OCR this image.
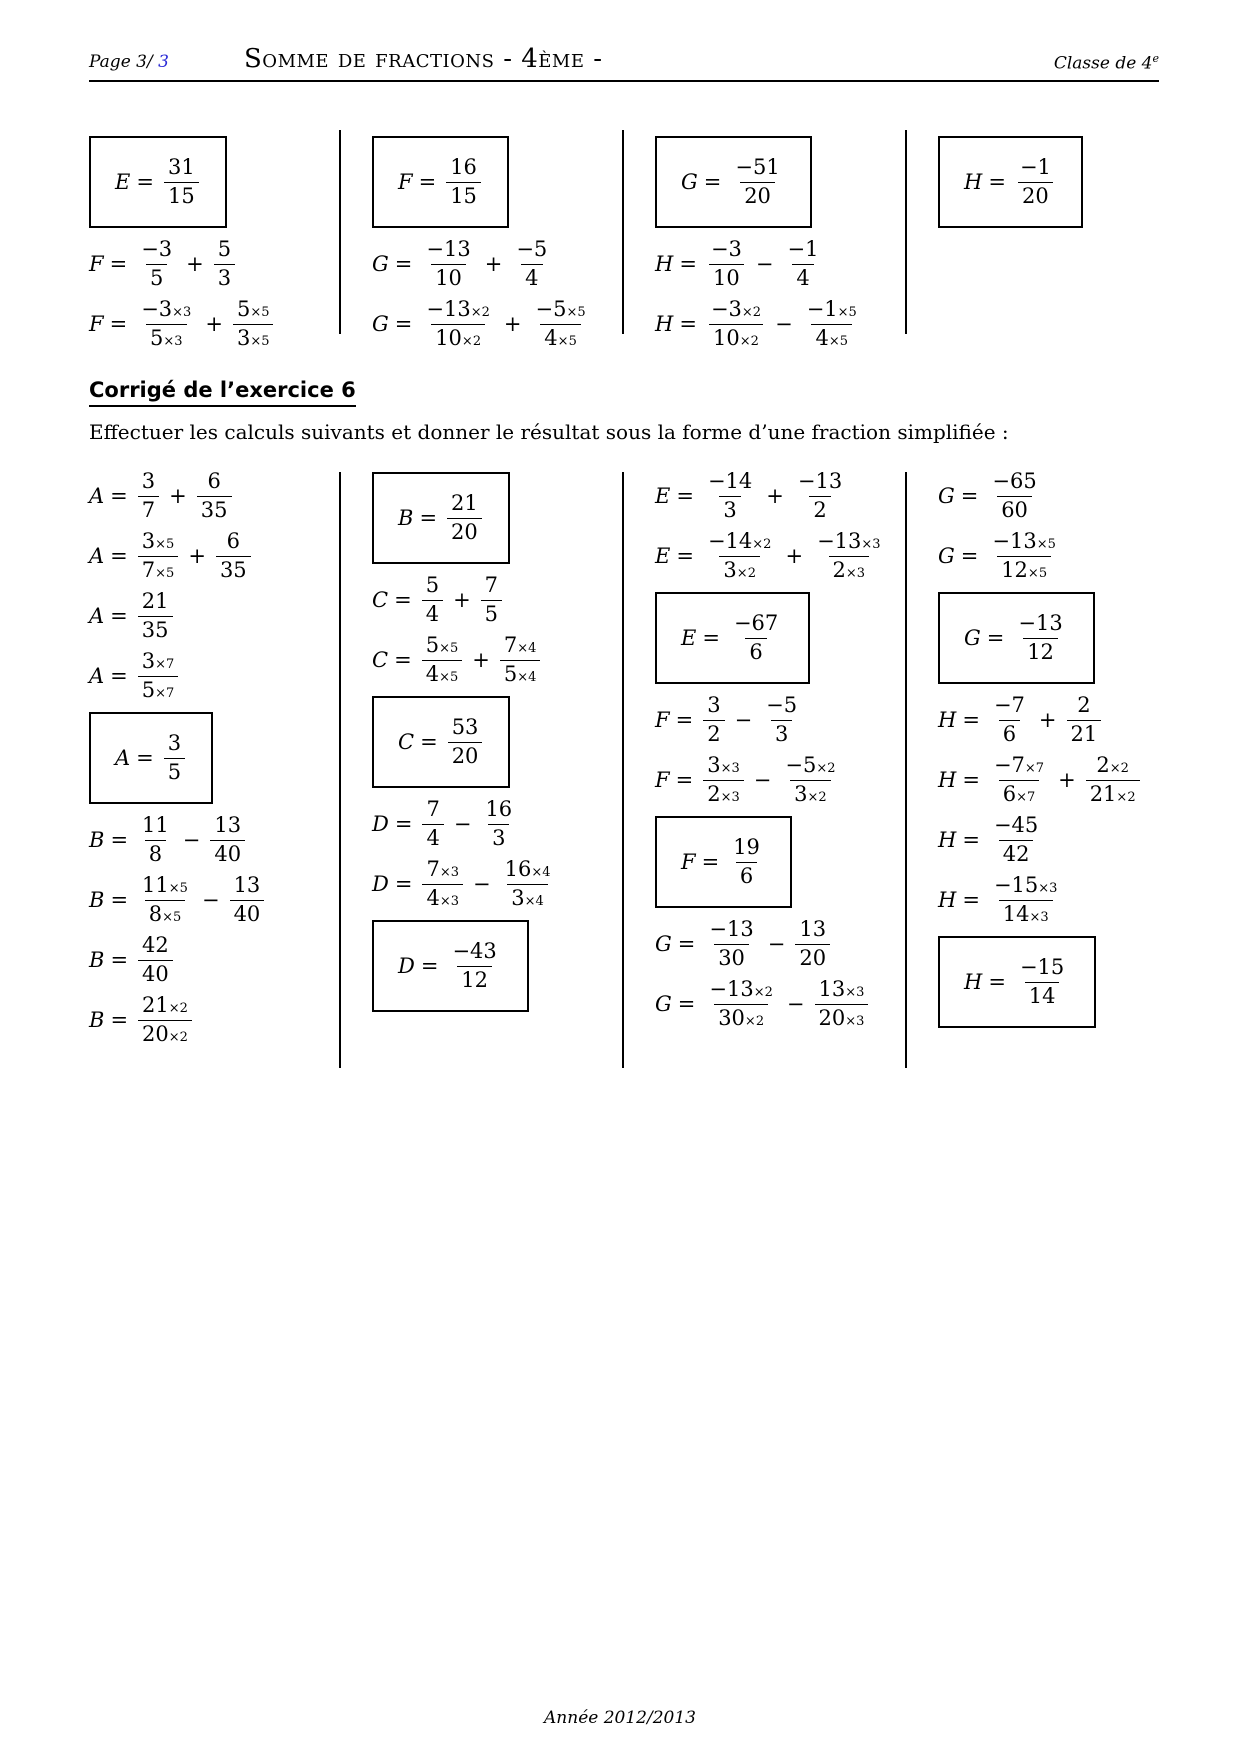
Page 3/ 3	Somme de fractions - 4ème -	Classe de 4e
$E = \frac{31}{15}$
$F = \frac{-3}{5} + \frac{5}{3}$
$F = \frac{-3\times 3}{5\times 3} + \frac{5\times 5}{3\times 5}$
$F = \frac{16}{15}$
$G = \frac{-13}{10} + \frac{-5}{4}$
$G = \frac{-13\times 2}{10\times 2} + \frac{-5\times 5}{4\times 5}$
$G = \frac{-51}{20}$
$H = \frac{-3}{10} - \frac{-1}{4}$
$H = \frac{-3\times 2}{10\times 2} - \frac{-1\times 5}{4\times 5}$
$H = \frac{-1}{20}$
Corrigé de l’exercice 6
Effectuer les calculs suivants et donner le résultat sous la forme d’une fraction simplifiée :
$A = \frac{3}{7} + \frac{6}{35}$
$A = \frac{3\times 5}{7\times 5} + \frac{6}{35}$
$A = \frac{21}{35}$
$A = \frac{3\times 7}{5\times 7}$
$A = \frac{3}{5}$
$B = \frac{11}{8} - \frac{13}{40}$
$B = \frac{11\times 5}{8\times 5} - \frac{13}{40}$
$B = \frac{42}{40}$
$B = \frac{21\times 2}{20\times 2}$
$B = \frac{21}{20}$
$C = \frac{5}{4} + \frac{7}{5}$
$C = \frac{5\times 5}{4\times 5} + \frac{7\times 4}{5\times 4}$
$C = \frac{53}{20}$
$D = \frac{7}{4} - \frac{16}{3}$
$D = \frac{7\times 3}{4\times 3} - \frac{16\times 4}{3\times 4}$
$D = \frac{-43}{12}$
$E = \frac{-14}{3} + \frac{-13}{2}$
$E = \frac{-14\times 2}{3\times 2} + \frac{-13\times 3}{2\times 3}$
$E = \frac{-67}{6}$
$F = \frac{3}{2} - \frac{-5}{3}$
$F = \frac{3\times 3}{2\times 3} - \frac{-5\times 2}{3\times 2}$
$F = \frac{19}{6}$
$G = \frac{-13}{30} - \frac{13}{20}$
$G = \frac{-13\times 2}{30\times 2} - \frac{13\times 3}{20\times 3}$
$G = \frac{-65}{60}$
$G = \frac{-13\times 5}{12\times 5}$
$G = \frac{-13}{12}$
$H = \frac{-7}{6} + \frac{2}{21}$
$H = \frac{-7\times 7}{6\times 7} + \frac{2\times 2}{21\times 2}$
$H = \frac{-45}{42}$
$H = \frac{-15\times 3}{14\times 3}$
$H = \frac{-15}{14}$
Année 2012/2013
